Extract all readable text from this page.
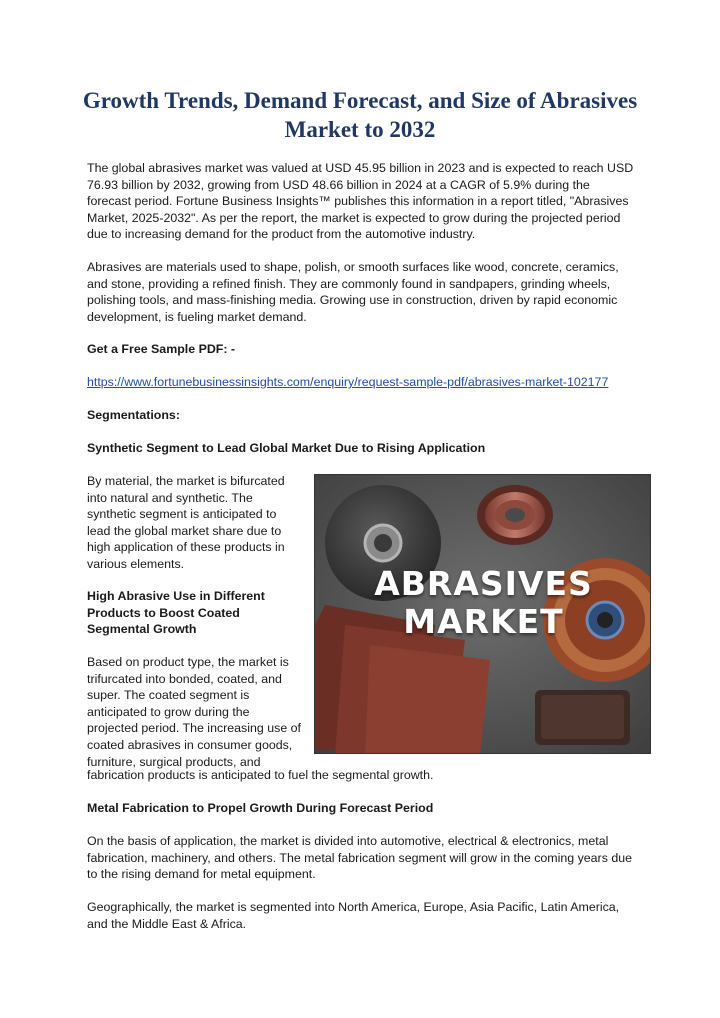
Growth Trends, Demand Forecast, and Size of Abrasives Market to 2032

The global abrasives market was valued at USD 45.95 billion in 2023 and is expected to reach USD 76.93 billion by 2032, growing from USD 48.66 billion in 2024 at a CAGR of 5.9% during the forecast period. Fortune Business Insights™ publishes this information in a report titled, "Abrasives Market, 2025-2032". As per the report, the market is expected to grow during the projected period due to increasing demand for the product from the automotive industry.

Abrasives are materials used to shape, polish, or smooth surfaces like wood, concrete, ceramics, and stone, providing a refined finish. They are commonly found in sandpapers, grinding wheels, polishing tools, and mass-finishing media. Growing use in construction, driven by rapid economic development, is fueling market demand.

Get a Free Sample PDF: -

https://www.fortunebusinessinsights.com/enquiry/request-sample-pdf/abrasives-market-102177

Segmentations:

Synthetic Segment to Lead Global Market Due to Rising Application

By material, the market is bifurcated into natural and synthetic. The synthetic segment is anticipated to lead the global market share due to high application of these products in various elements.

High Abrasive Use in Different Products to Boost Coated Segmental Growth

Based on product type, the market is trifurcated into bonded, coated, and super. The coated segment is anticipated to grow during the projected period. The increasing use of coated abrasives in consumer goods, furniture, surgical products, and

fabrication products is anticipated to fuel the segmental growth.

Metal Fabrication to Propel Growth During Forecast Period

On the basis of application, the market is divided into automotive, electrical & electronics, metal fabrication, machinery, and others. The metal fabrication segment will grow in the coming years due to the rising demand for metal equipment.

Geographically, the market is segmented into North America, Europe, Asia Pacific, Latin America, and the Middle East & Africa.

ABRASIVES
MARKET
